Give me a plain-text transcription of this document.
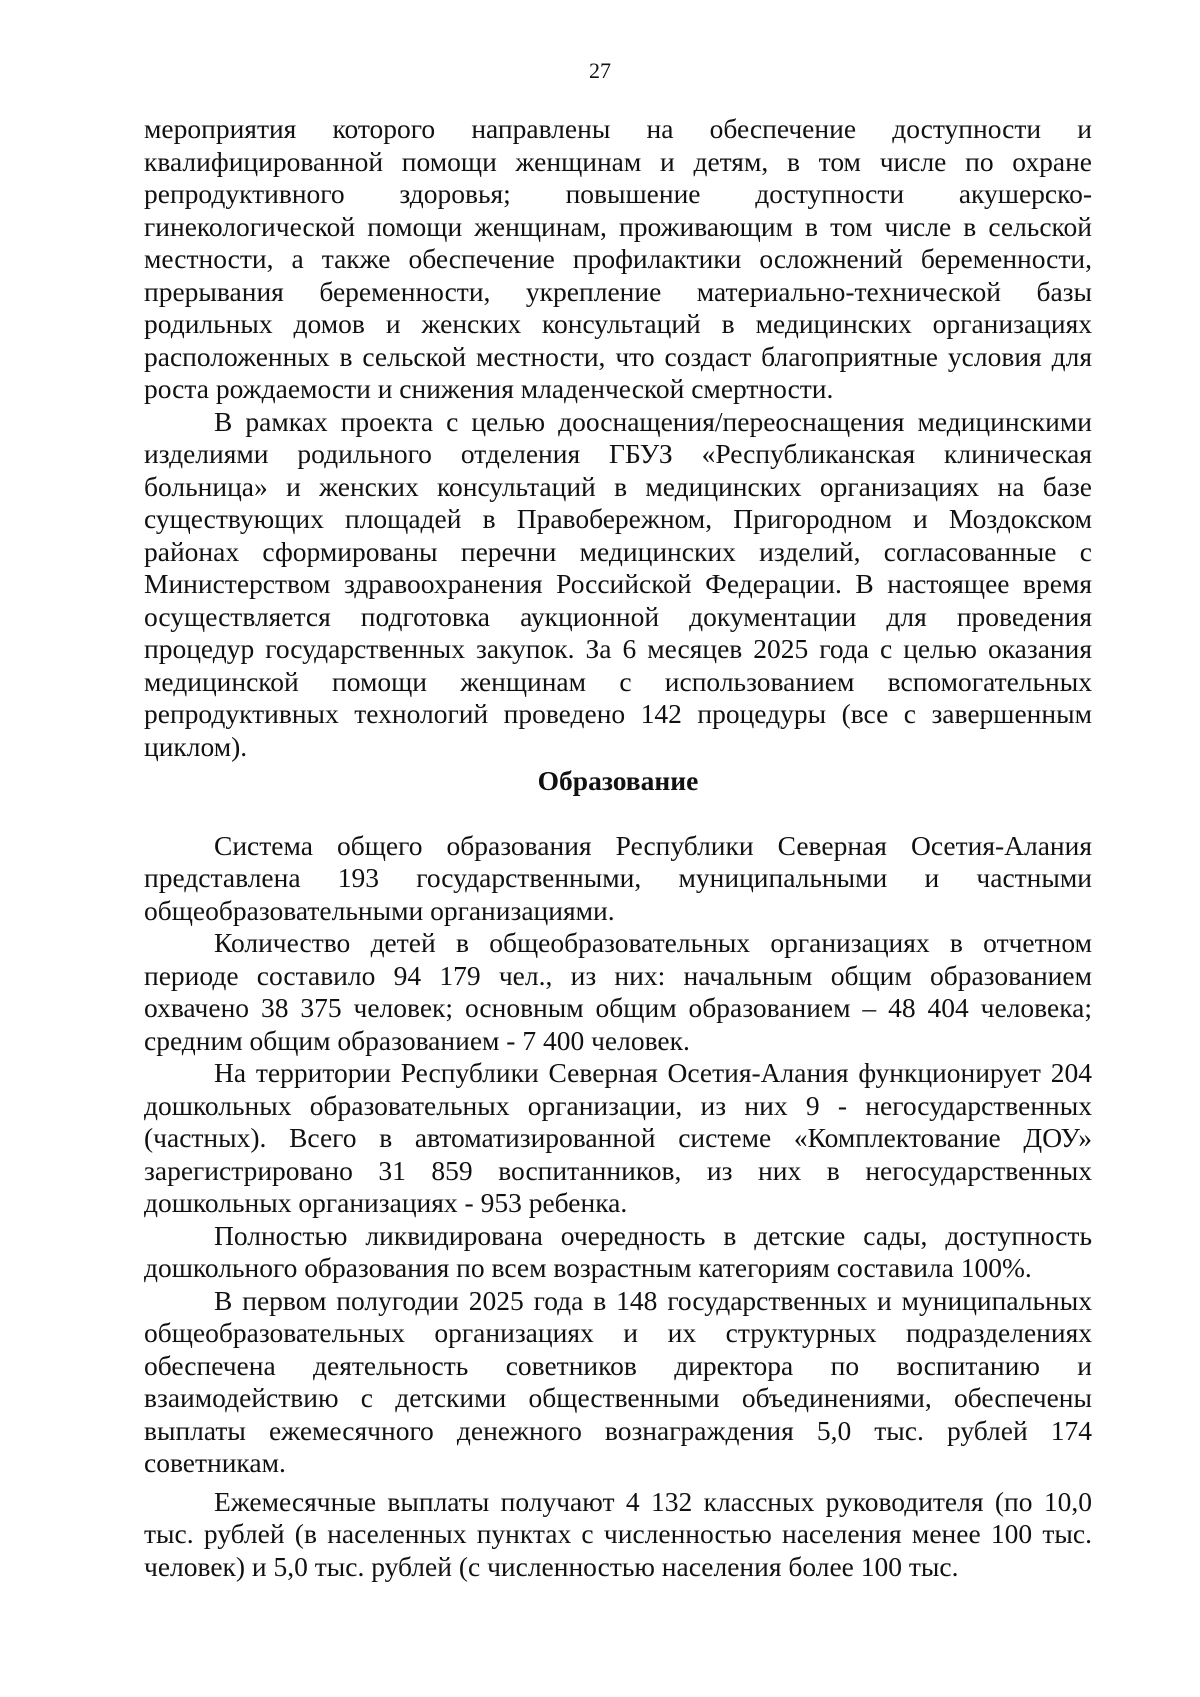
27

мероприятия которого направлены на обеспечение доступности и квалифицированной помощи женщинам и детям, в том числе по охране репродуктивного здоровья; повышение доступности акушерско-гинекологической помощи женщинам, проживающим в том числе в сельской местности, а также обеспечение профилактики осложнений беременности, прерывания беременности, укрепление материально-технической базы родильных домов и женских консультаций в медицинских организациях расположенных в сельской местности, что создаст благоприятные условия для роста рождаемости и снижения младенческой смертности.

В рамках проекта с целью дооснащения/переоснащения медицинскими изделиями родильного отделения ГБУЗ «Республиканская клиническая больница» и женских консультаций в медицинских организациях на базе существующих площадей в Правобережном, Пригородном и Моздокском районах сформированы перечни медицинских изделий, согласованные с Министерством здравоохранения Российской Федерации. В настоящее время осуществляется подготовка аукционной документации для проведения процедур государственных закупок. За 6 месяцев 2025 года с целью оказания медицинской помощи женщинам с использованием вспомогательных репродуктивных технологий проведено 142 процедуры (все с завершенным циклом).

Образование

Система общего образования Республики Северная Осетия-Алания представлена 193 государственными, муниципальными и частными общеобразовательными организациями.

Количество детей в общеобразовательных организациях в отчетном периоде составило 94 179 чел., из них: начальным общим образованием охвачено 38 375 человек; основным общим образованием – 48 404 человека; средним общим образованием - 7 400 человек.

На территории Республики Северная Осетия-Алания функционирует 204 дошкольных образовательных организации, из них 9 - негосударственных (частных). Всего в автоматизированной системе «Комплектование ДОУ» зарегистрировано 31 859 воспитанников, из них в негосударственных дошкольных организациях - 953 ребенка.

Полностью ликвидирована очередность в детские сады, доступность дошкольного образования по всем возрастным категориям составила 100%.

В первом полугодии 2025 года в 148 государственных и муниципальных общеобразовательных организациях и их структурных подразделениях обеспечена деятельность советников директора по воспитанию и взаимодействию с детскими общественными объединениями, обеспечены выплаты ежемесячного денежного вознаграждения 5,0 тыс. рублей 174 советникам.

Ежемесячные выплаты получают 4 132 классных руководителя (по 10,0 тыс. рублей (в населенных пунктах с численностью населения менее 100 тыс. человек) и 5,0 тыс. рублей (с численностью населения более 100 тыс.
